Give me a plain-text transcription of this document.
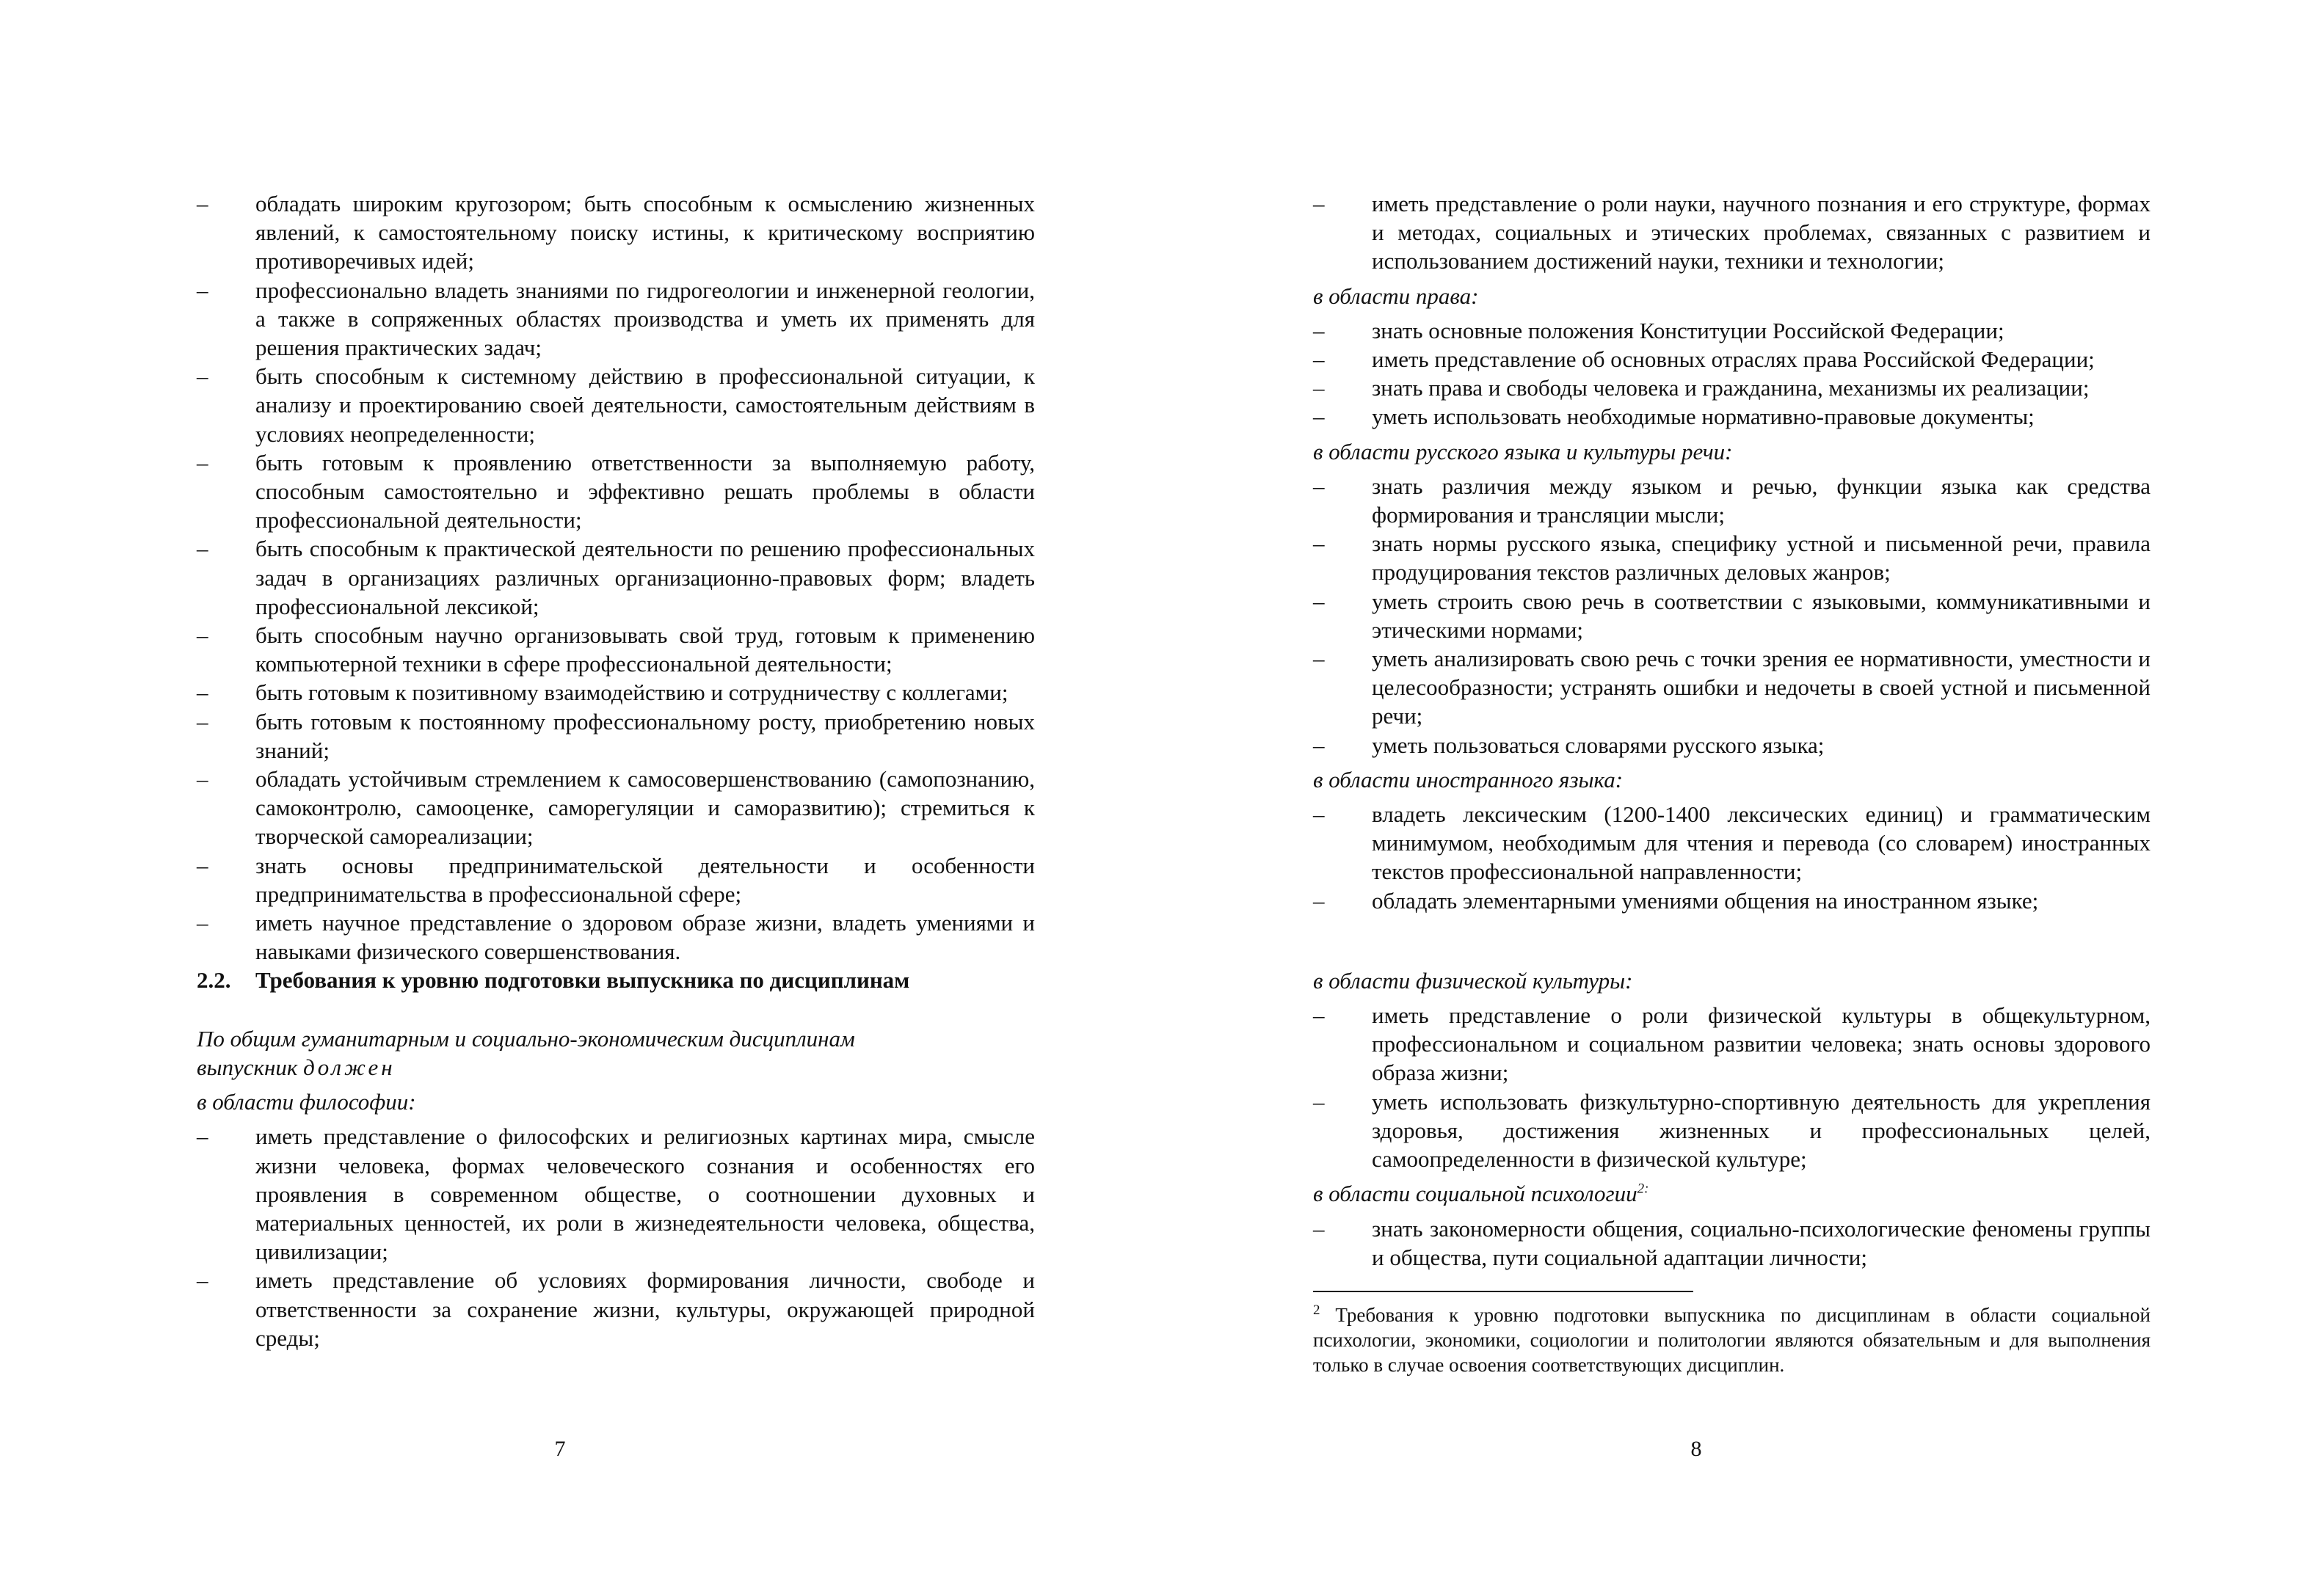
–	обладать широким кругозором; быть способным к осмыслению жизненных явлений, к самостоятельному поиску истины, к критическому восприятию противоречивых идей;

–	профессионально владеть знаниями по гидрогеологии и инженерной геологии, а также в сопряженных областях производства и уметь их применять для решения практических задач;

–	быть способным к системному действию в профессиональной ситуации, к анализу и проектированию своей деятельности, самостоятельным действиям в условиях неопределенности;

–	быть готовым к проявлению ответственности за выполняемую работу, способным самостоятельно и эффективно решать проблемы в области профессиональной деятельности;

–	быть способным к практической деятельности по решению профессиональных задач в организациях различных организационно-правовых форм; владеть профессиональной лексикой;

–	быть способным научно организовывать свой труд, готовым к применению компьютерной техники в сфере профессиональной деятельности;

–	быть готовым к позитивному взаимодействию и сотрудничеству с коллегами;

–	быть готовым к постоянному профессиональному росту, приобретению новых знаний;

–	обладать устойчивым стремлением к самосовершенствованию (самопознанию, самоконтролю, самооценке, саморегуляции и саморазвитию); стремиться к творческой самореализации;

–	знать основы предпринимательской деятельности и особенности предпринимательства в профессиональной сфере;

–	иметь научное представление о здоровом образе жизни, владеть умениями и навыками физического совершенствования.

2.2.	Требования к уровню подготовки выпускника по дисциплинам

По общим гуманитарным и социально-экономическим дисциплинам

выпускник должен

в области философии:

–	иметь представление о философских и религиозных картинах мира, смысле жизни человека, формах человеческого сознания и особенностях его проявления в современном обществе, о соотношении духовных и материальных ценностей, их роли в жизнедеятельности человека, общества, цивилизации;

–	иметь представление об условиях формирования личности, свободе и ответственности за сохранение жизни, культуры, окружающей природной среды;

7

–	иметь представление о роли науки, научного познания и его структуре, формах и методах, социальных и этических проблемах, связанных с развитием и использованием достижений науки, техники и технологии;

в области права:

–	знать основные положения Конституции Российской Федерации;

–	иметь представление об основных отраслях права Российской Федерации;

–	знать права и свободы человека и гражданина, механизмы их реализации;

–	уметь использовать необходимые нормативно-правовые документы;

в области русского языка и культуры речи:

–	знать различия между языком и речью, функции языка как средства формирования и трансляции мысли;

–	знать нормы русского языка, специфику устной и письменной речи, правила продуцирования текстов различных деловых жанров;

–	уметь строить свою речь в соответствии с языковыми, коммуникативными и этическими нормами;

–	уметь анализировать свою речь с точки зрения ее нормативности, уместности и целесообразности; устранять ошибки и недочеты в своей устной и письменной речи;

–	уметь пользоваться словарями русского языка;

в области иностранного языка:

–	владеть лексическим (1200-1400 лексических единиц) и грамматическим минимумом, необходимым для чтения и перевода (со словарем) иностранных текстов профессиональной направленности;

–	обладать элементарными умениями общения на иностранном языке;

в области физической культуры:

–	иметь представление о роли физической культуры в общекультурном, профессиональном и социальном развитии человека; знать основы здорового образа жизни;

–	уметь использовать физкультурно-спортивную деятельность для укрепления здоровья, достижения жизненных и профессиональных целей, самоопределенности в физической культуре;

в области социальной психологии$^{2:}$

–	знать закономерности общения, социально-психологические феномены группы и общества, пути социальной адаптации личности;

$^2$ Требования к уровню подготовки выпускника по дисциплинам в области социальной психологии, экономики, социологии и политологии являются обязательным и для выполнения только в случае освоения соответствующих дисциплин.

8
